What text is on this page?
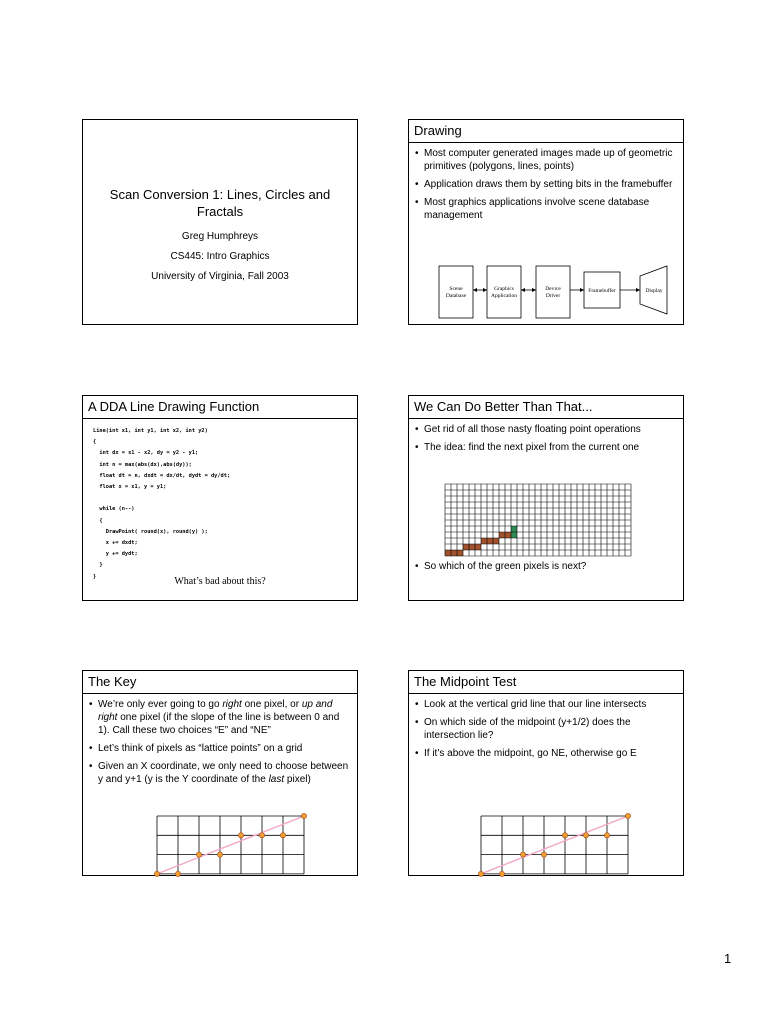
Scan Conversion 1: Lines, Circles and Fractals
Greg Humphreys
CS445: Intro Graphics
University of Virginia, Fall 2003
Drawing
• Most computer generated images made up of geometric primitives (polygons, lines, points)
• Application draws them by setting bits in the framebuffer
• Most graphics applications involve scene database management
Scene
Database
Graphics
Application
Device
Driver
Framebuffer	Display
A DDA Line Drawing Function
Line(int x1, int y1, int x2, int y2)
{
int dx = x1 - x2, dy = y2 - y1;
int n = max(abs(dx),abs(dy));
float dt = n, dxdt = dx/dt, dydt = dy/dt;
float x = x1, y = y1;

while (n--)
{
DrawPoint( round(x), round(y) );
x += dxdt;
y += dydt;
}
}	What’s bad about this?
We Can Do Better Than That...
• Get rid of all those nasty floating point operations
• The idea: find the next pixel from the current one
• So which of the green pixels is next?
The Key
• We’re only ever going to go right one pixel, or up and right one pixel (if the slope of the line is between 0 and 1). Call these two choices “E” and “NE”
• Let’s think of pixels as “lattice points” on a grid
• Given an X coordinate, we only need to choose between y and y+1 (y is the Y coordinate of the last pixel)
The Midpoint Test
• Look at the vertical grid line that our line intersects
• On which side of the midpoint (y+1/2) does the intersection lie?
• If it’s above the midpoint, go NE, otherwise go E
1
